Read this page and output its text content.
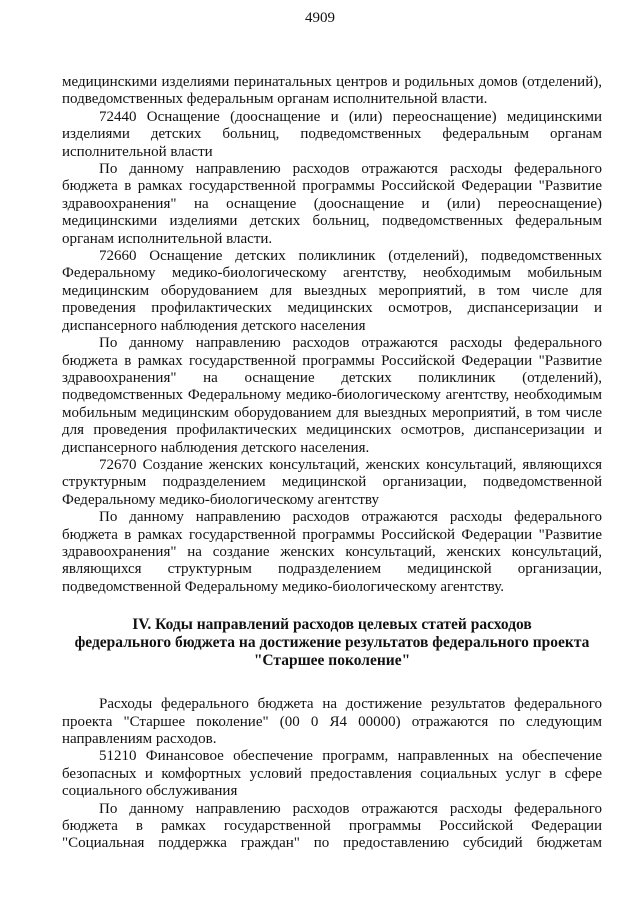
4909

медицинскими изделиями перинатальных центров и родильных домов (отделений), подведомственных федеральным органам исполнительной власти.

72440 Оснащение (дооснащение и (или) переоснащение) медицинскими изделиями детских больниц, подведомственных федеральным органам исполнительной власти

По данному направлению расходов отражаются расходы федерального бюджета в рамках государственной программы Российской Федерации "Развитие здравоохранения" на оснащение (дооснащение и (или) переоснащение) медицинскими изделиями детских больниц, подведомственных федеральным органам исполнительной власти.

72660 Оснащение детских поликлиник (отделений), подведомственных Федеральному медико-биологическому агентству, необходимым мобильным медицинским оборудованием для выездных мероприятий, в том числе для проведения профилактических медицинских осмотров, диспансеризации и диспансерного наблюдения детского населения

По данному направлению расходов отражаются расходы федерального бюджета в рамках государственной программы Российской Федерации "Развитие здравоохранения" на оснащение детских поликлиник (отделений), подведомственных Федеральному медико-биологическому агентству, необходимым мобильным медицинским оборудованием для выездных мероприятий, в том числе для проведения профилактических медицинских осмотров, диспансеризации и диспансерного наблюдения детского населения.

72670 Создание женских консультаций, женских консультаций, являющихся структурным подразделением медицинской организации, подведомственной Федеральному медико-биологическому агентству

По данному направлению расходов отражаются расходы федерального бюджета в рамках государственной программы Российской Федерации "Развитие здравоохранения" на создание женских консультаций, женских консультаций, являющихся структурным подразделением медицинской организации, подведомственной Федеральному медико-биологическому агентству.

IV. Коды направлений расходов целевых статей расходов
федерального бюджета на достижение результатов федерального проекта
"Старшее поколение"

Расходы федерального бюджета на достижение результатов федерального проекта "Старшее поколение" (00 0 Я4 00000) отражаются по следующим направлениям расходов.

51210 Финансовое обеспечение программ, направленных на обеспечение безопасных и комфортных условий предоставления социальных услуг в сфере социального обслуживания

По данному направлению расходов отражаются расходы федерального бюджета в рамках государственной программы Российской Федерации "Социальная поддержка граждан" по предоставлению субсидий бюджетам
